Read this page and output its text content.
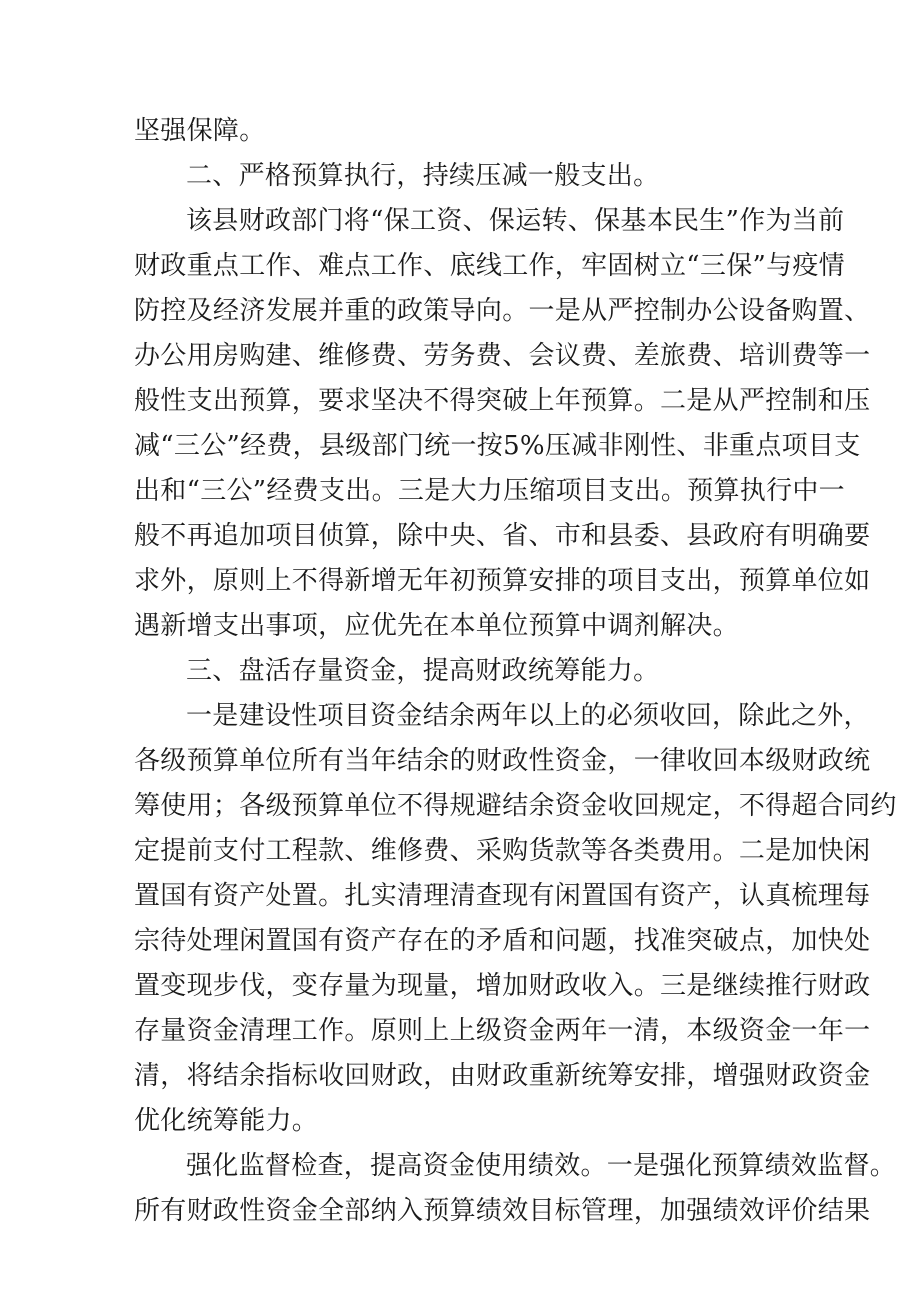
坚强保障。
二、严格预算执行，持续压减一般支出。
该县财政部门将“保工资、保运转、保基本民生”作为当前
财政重点工作、难点工作、底线工作，牢固树立“三保”与疫情
防控及经济发展并重的政策导向。一是从严控制办公设备购置、
办公用房购建、维修费、劳务费、会议费、差旅费、培训费等一
般性支出预算，要求坚决不得突破上年预算。二是从严控制和压
减“三公”经费，县级部门统一按5%压减非刚性、非重点项目支
出和“三公”经费支出。三是大力压缩项目支出。预算执行中一
般不再追加项目侦算，除中央、省、市和县委、县政府有明确要
求外，原则上不得新增无年初预算安排的项目支出，预算单位如
遇新增支出事项，应优先在本单位预算中调剂解决。
三、盘活存量资金，提高财政统筹能力。
一是建设性项目资金结余两年以上的必须收回，除此之外，
各级预算单位所有当年结余的财政性资金，一律收回本级财政统
筹使用；各级预算单位不得规避结余资金收回规定，不得超合同约
定提前支付工程款、维修费、采购货款等各类费用。二是加快闲
置国有资产处置。扎实清理清查现有闲置国有资产，认真梳理每
宗待处理闲置国有资产存在的矛盾和问题，找准突破点，加快处
置变现步伐，变存量为现量，增加财政收入。三是继续推行财政
存量资金清理工作。原则上上级资金两年一清，本级资金一年一
清，将结余指标收回财政，由财政重新统筹安排，增强财政资金
优化统筹能力。
强化监督检查，提高资金使用绩效。一是强化预算绩效监督。
所有财政性资金全部纳入预算绩效目标管理，加强绩效评价结果
